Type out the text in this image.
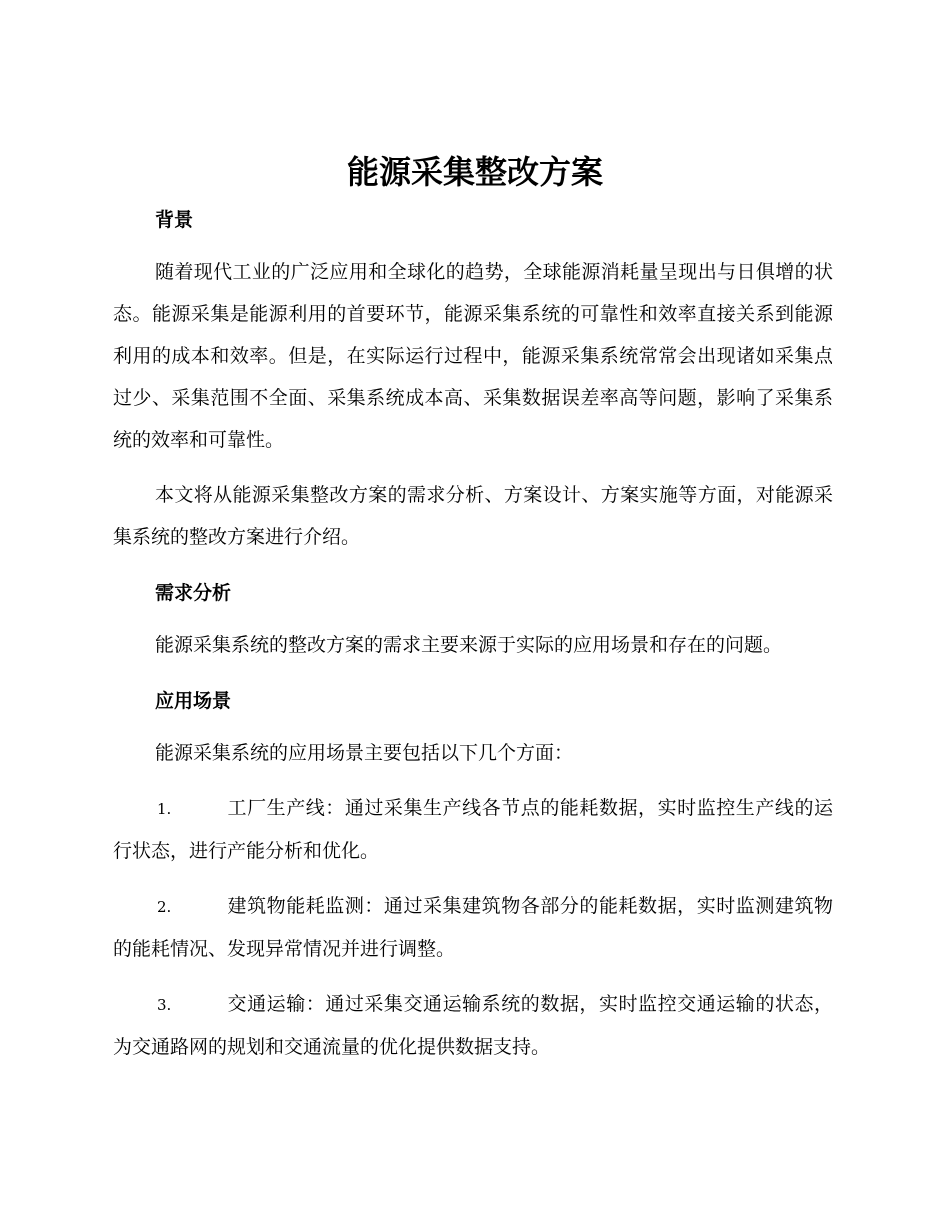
能源采集整改方案
背景

随着现代工业的广泛应用和全球化的趋势，全球能源消耗量呈现出与日俱增的状态。能源采集是能源利用的首要环节，能源采集系统的可靠性和效率直接关系到能源利用的成本和效率。但是，在实际运行过程中，能源采集系统常常会出现诸如采集点过少、采集范围不全面、采集系统成本高、采集数据误差率高等问题，影响了采集系统的效率和可靠性。

本文将从能源采集整改方案的需求分析、方案设计、方案实施等方面，对能源采集系统的整改方案进行介绍。

需求分析

能源采集系统的整改方案的需求主要来源于实际的应用场景和存在的问题。

应用场景

能源采集系统的应用场景主要包括以下几个方面：

1.	工厂生产线：通过采集生产线各节点的能耗数据，实时监控生产线的运行状态，进行产能分析和优化。

2.	建筑物能耗监测：通过采集建筑物各部分的能耗数据，实时监测建筑物的能耗情况、发现异常情况并进行调整。

3.	交通运输：通过采集交通运输系统的数据，实时监控交通运输的状态，为交通路网的规划和交通流量的优化提供数据支持。
